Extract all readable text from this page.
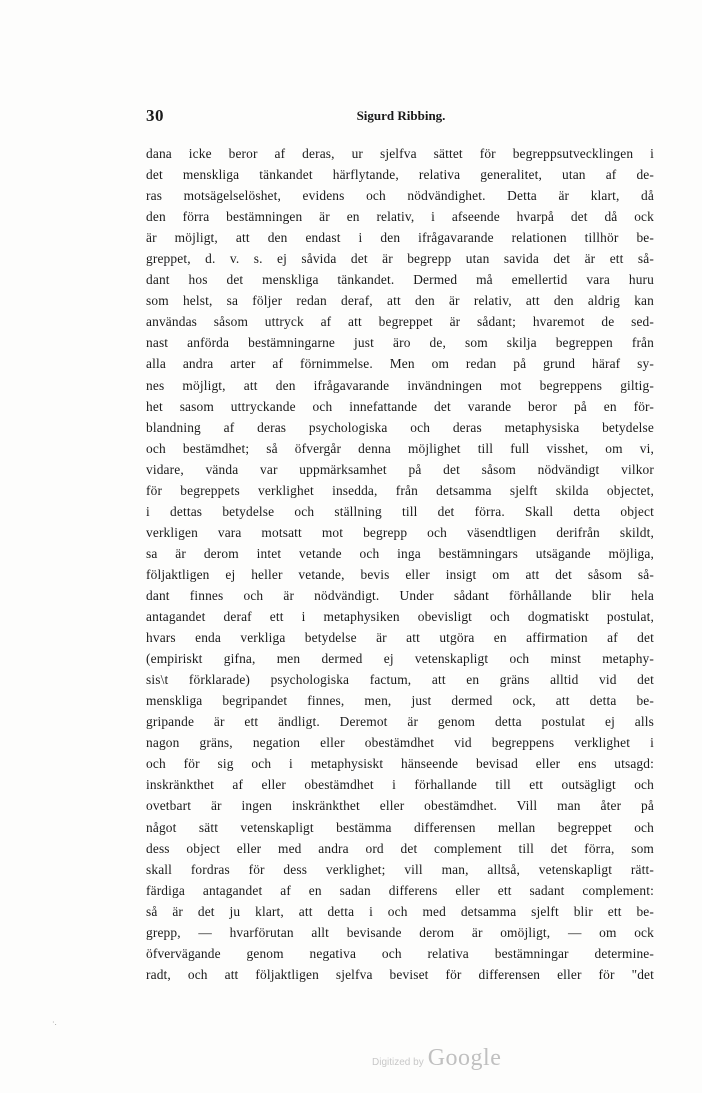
30	Sigurd Ribbing.
dana icke beror af deras, ur sjelfva sättet för begreppsutvecklingen i
det menskliga tänkandet härflytande, relativa generalitet, utan af de-
ras motsägelselöshet, evidens och nödvändighet. Detta är klart, då
den förra bestämningen är en relativ, i afseende hvarpå det då ock
är möjligt, att den endast i den ifrågavarande relationen tillhör be-
greppet, d. v. s. ej såvida det är begrepp utan savida det är ett så-
dant hos det menskliga tänkandet. Dermed må emellertid vara huru
som helst, sa följer redan deraf, att den är relativ, att den aldrig kan
användas såsom uttryck af att begreppet är sådant; hvaremot de sed-
nast anförda bestämningarne just äro de, som skilja begreppen från
alla andra arter af förnimmelse. Men om redan på grund häraf sy-
nes möjligt, att den ifrågavarande invändningen mot begreppens giltig-
het sasom uttryckande och innefattande det varande beror på en för-
blandning af deras psychologiska och deras metaphysiska betydelse
och bestämdhet; så öfvergår denna möjlighet till full visshet, om vi,
vidare, vända var uppmärksamhet på det såsom nödvändigt vilkor
för begreppets verklighet insedda, från detsamma sjelft skilda objectet,
i dettas betydelse och ställning till det förra. Skall detta object
verkligen vara motsatt mot begrepp och väsendtligen derifrån skildt,
sa är derom intet vetande och inga bestämningars utsägande möjliga,
följaktligen ej heller vetande, bevis eller insigt om att det såsom så-
dant finnes och är nödvändigt. Under sådant förhållande blir hela
antagandet deraf ett i metaphysiken obevisligt och dogmatiskt postulat,
hvars enda verkliga betydelse är att utgöra en affirmation af det
(empiriskt gifna, men dermed ej vetenskapligt och minst metaphy-
sis\t förklarade) psychologiska factum, att en gräns alltid vid det
menskliga begripandet finnes, men, just dermed ock, att detta be-
gripande är ett ändligt. Deremot är genom detta postulat ej alls
nagon gräns, negation eller obestämdhet vid begreppens verklighet i
och för sig och i metaphysiskt hänseende bevisad eller ens utsagd:
inskränkthet af eller obestämdhet i förhallande till ett outsägligt och
ovetbart är ingen inskränkthet eller obestämdhet. Vill man åter på
något sätt vetenskapligt bestämma differensen mellan begreppet och
dess object eller med andra ord det complement till det förra, som
skall fordras för dess verklighet; vill man, alltså, vetenskapligt rätt-
färdiga antagandet af en sadan differens eller ett sadant complement:
så är det ju klart, att detta i och med detsamma sjelft blir ett be-
grepp, — hvarförutan allt bevisande derom är omöjligt, — om ock
öfvervägande genom negativa och relativa bestämningar determine-
radt, och att följaktligen sjelfva beviset för differensen eller för "det
·.
Digitized by Google
